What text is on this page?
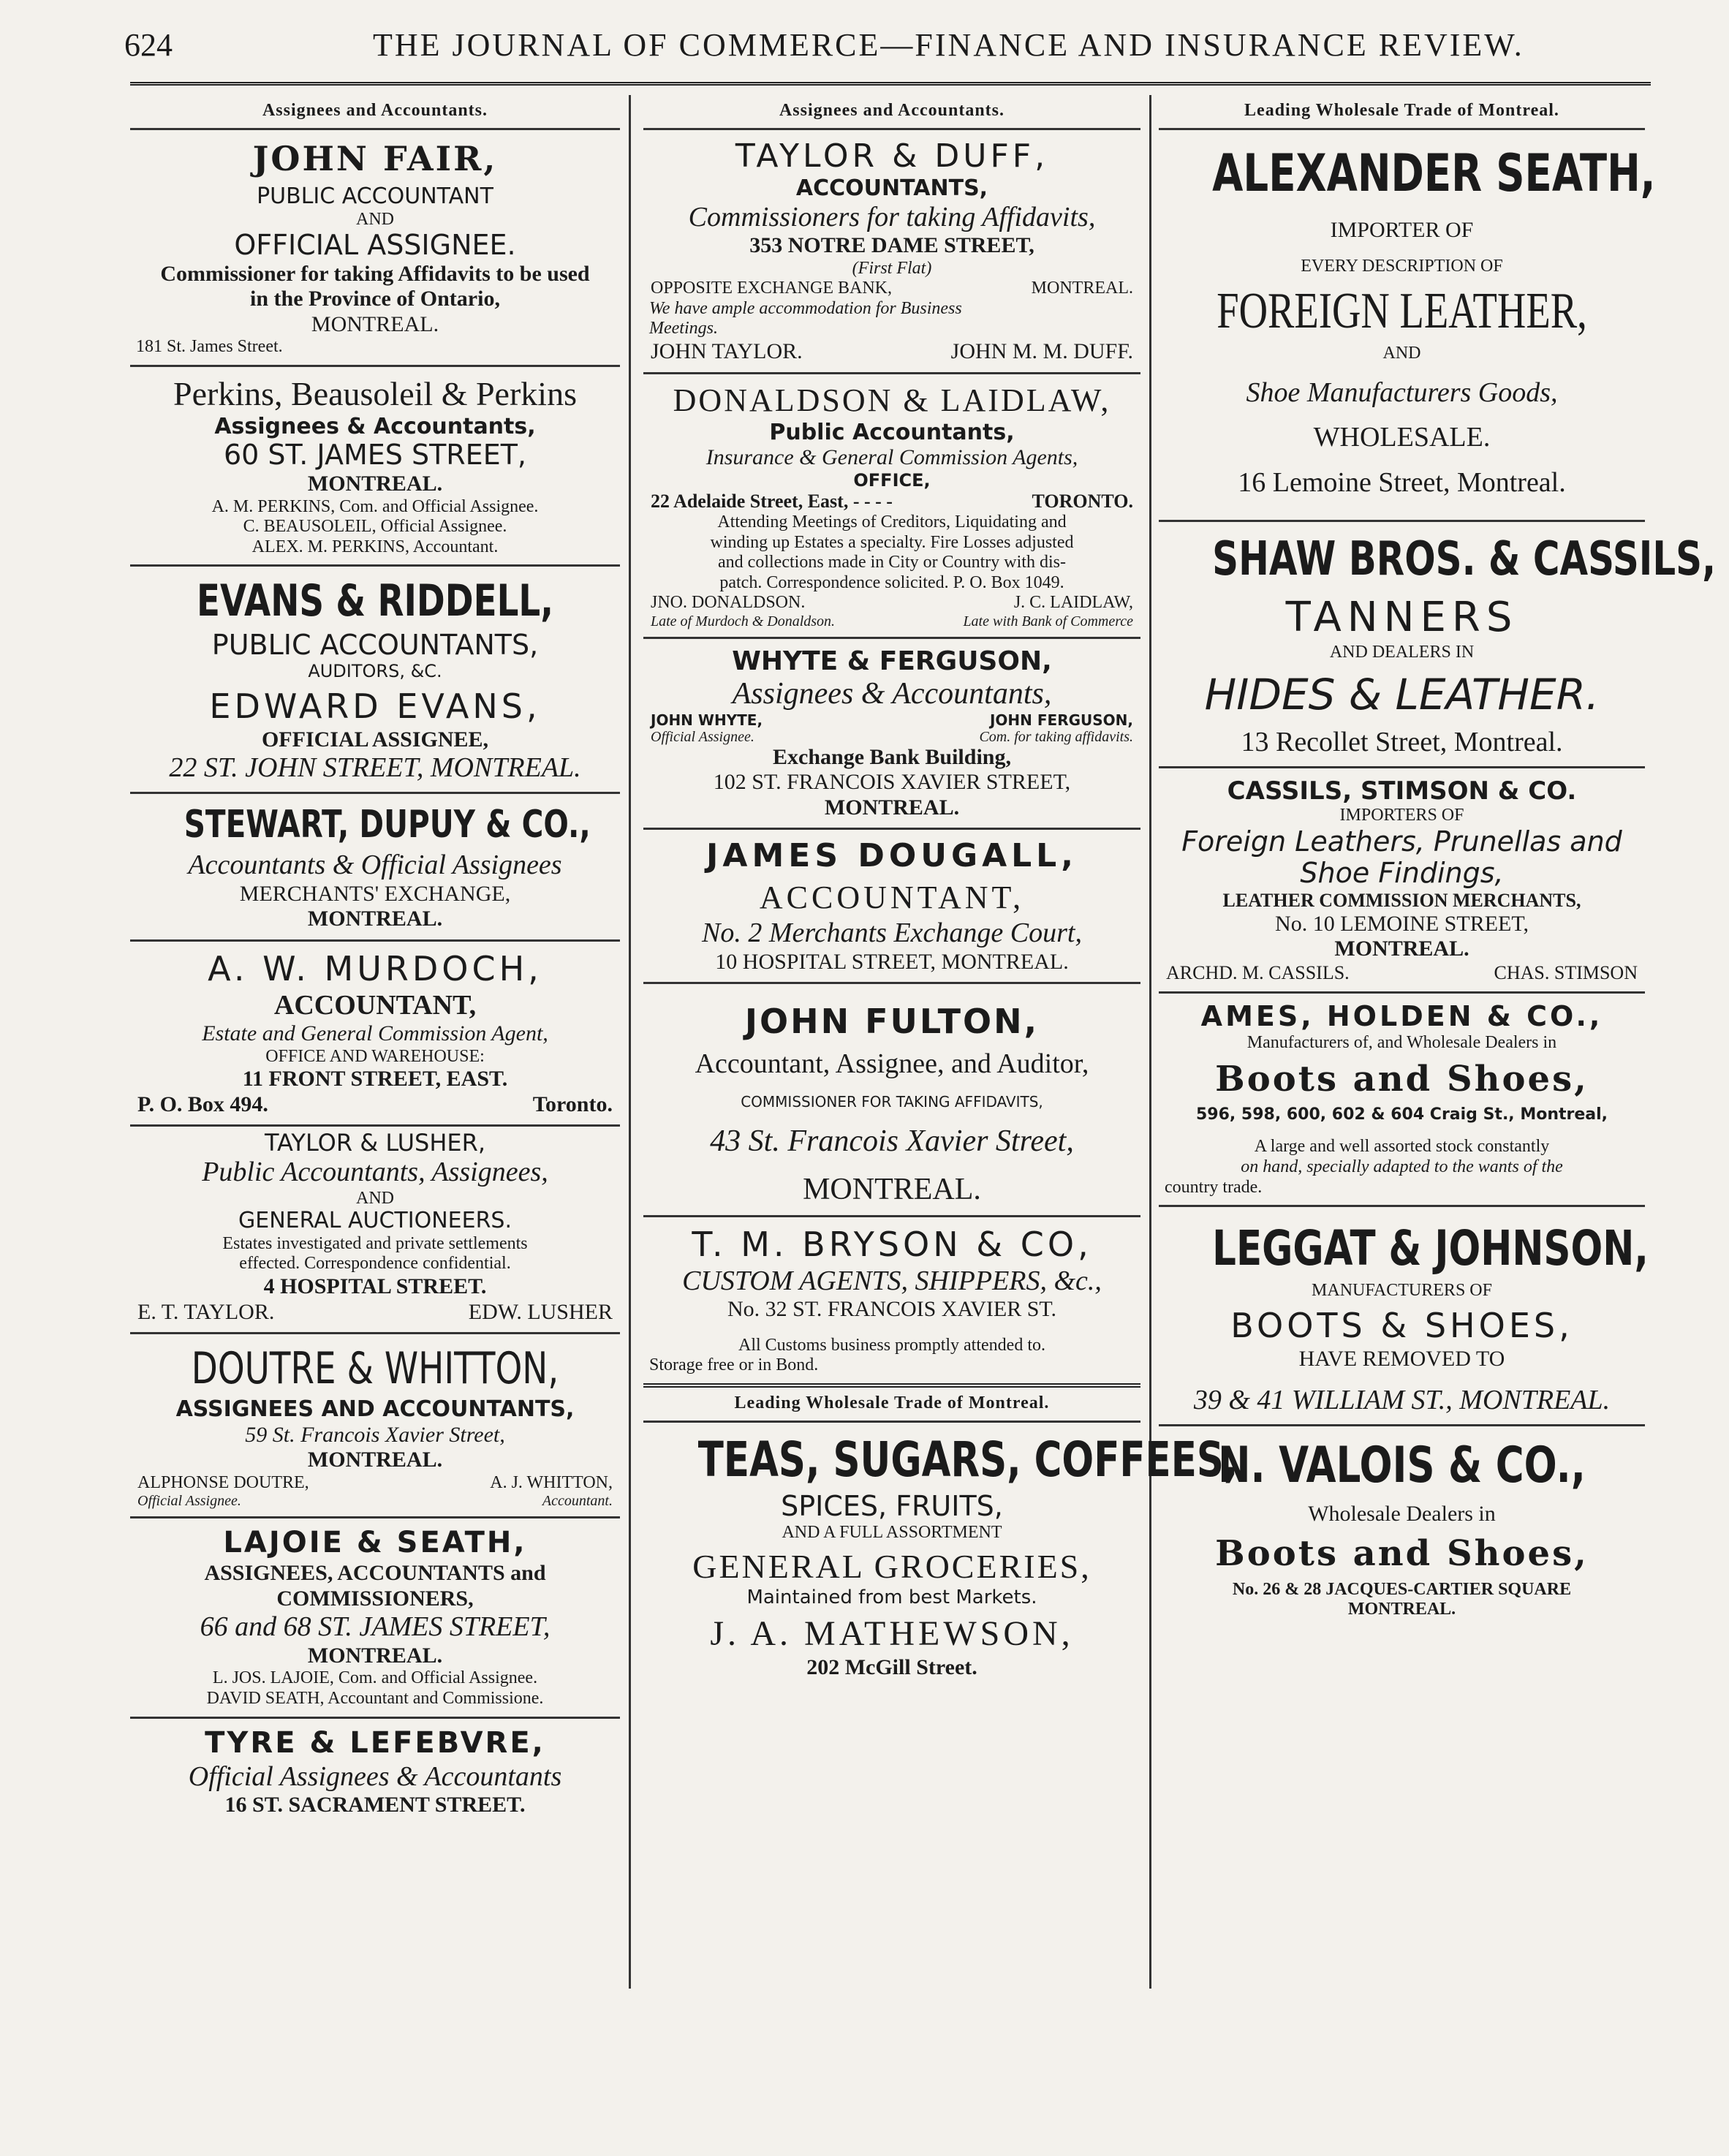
624	THE JOURNAL OF COMMERCE—FINANCE AND INSURANCE REVIEW.
Assignees and Accountants.
JOHN FAIR,
PUBLIC ACCOUNTANT
AND
OFFICIAL ASSIGNEE.
Commissioner for taking Affidavits to be used
in the Province of Ontario,
MONTREAL.
181 St. James Street.
Perkins, Beausoleil & Perkins
Assignees & Accountants,
60 ST. JAMES STREET,
MONTREAL.
A. M. PERKINS, Com. and Official Assignee.
C. BEAUSOLEIL, Official Assignee.
ALEX. M. PERKINS, Accountant.
EVANS & RIDDELL,
PUBLIC ACCOUNTANTS,
AUDITORS, &C.
EDWARD EVANS,
OFFICIAL ASSIGNEE,
22 ST. JOHN STREET, MONTREAL.
STEWART, DUPUY & CO.,
Accountants & Official Assignees
MERCHANTS' EXCHANGE,
MONTREAL.
A. W. MURDOCH,
ACCOUNTANT,
Estate and General Commission Agent,
OFFICE AND WAREHOUSE:
11 FRONT STREET, EAST.
P. O. Box 494.	Toronto.
TAYLOR & LUSHER,
Public Accountants, Assignees,
AND
GENERAL AUCTIONEERS.
Estates investigated and private settlements
effected. Correspondence confidential.
4 HOSPITAL STREET.
E. T. TAYLOR.	EDW. LUSHER
DOUTRE & WHITTON,
ASSIGNEES AND ACCOUNTANTS,
59 St. Francois Xavier Street,
MONTREAL.
ALPHONSE DOUTRE,	A. J. WHITTON,
Official Assignee.	Accountant.
LAJOIE & SEATH,
ASSIGNEES, ACCOUNTANTS and
COMMISSIONERS,
66 and 68 ST. JAMES STREET,
MONTREAL.
L. JOS. LAJOIE, Com. and Official Assignee.
DAVID SEATH, Accountant and Commissione.
TYRE & LEFEBVRE,
Official Assignees & Accountants
16 ST. SACRAMENT STREET.
Assignees and Accountants.
TAYLOR & DUFF,
ACCOUNTANTS,
Commissioners for taking Affidavits,
353 NOTRE DAME STREET,
(First Flat)
OPPOSITE EXCHANGE BANK,	MONTREAL.
We have ample accommodation for Business
Meetings.
JOHN TAYLOR.	JOHN M. M. DUFF.
DONALDSON & LAIDLAW,
Public Accountants,
Insurance & General Commission Agents,
OFFICE,
22 Adelaide Street, East, - - - -	TORONTO.
Attending Meetings of Creditors, Liquidating and
winding up Estates a specialty. Fire Losses adjusted
and collections made in City or Country with dis-
patch. Correspondence solicited. P. O. Box 1049.
JNO. DONALDSON.	J. C. LAIDLAW,
Late of Murdoch & Donaldson.	Late with Bank of Commerce
WHYTE & FERGUSON,
Assignees & Accountants,
JOHN WHYTE,	JOHN FERGUSON,
Official Assignee.	Com. for taking affidavits.
Exchange Bank Building,
102 ST. FRANCOIS XAVIER STREET,
MONTREAL.
JAMES DOUGALL,
ACCOUNTANT,
No. 2 Merchants Exchange Court,
10 HOSPITAL STREET, MONTREAL.
JOHN FULTON,
Accountant, Assignee, and Auditor,
COMMISSIONER FOR TAKING AFFIDAVITS,
43 St. Francois Xavier Street,
MONTREAL.
T. M. BRYSON & CO,
CUSTOM AGENTS, SHIPPERS, &c.,
No. 32 ST. FRANCOIS XAVIER ST.
All Customs business promptly attended to.
Storage free or in Bond.
Leading Wholesale Trade of Montreal.
TEAS, SUGARS, COFFEES,
SPICES, FRUITS,
AND A FULL ASSORTMENT
GENERAL GROCERIES,
Maintained from best Markets.
J. A. MATHEWSON,
202 McGill Street.
Leading Wholesale Trade of Montreal.
ALEXANDER SEATH,
IMPORTER OF
EVERY DESCRIPTION OF
FOREIGN LEATHER,
AND
Shoe Manufacturers Goods,
WHOLESALE.
16 Lemoine Street, Montreal.
SHAW BROS. & CASSILS,
TANNERS
AND DEALERS IN
HIDES & LEATHER.
13 Recollet Street, Montreal.
CASSILS, STIMSON & CO.
IMPORTERS OF
Foreign Leathers, Prunellas and
Shoe Findings,
LEATHER COMMISSION MERCHANTS,
No. 10 LEMOINE STREET,
MONTREAL.
ARCHD. M. CASSILS.	CHAS. STIMSON
AMES, HOLDEN & CO.,
Manufacturers of, and Wholesale Dealers in
Boots and Shoes,
596, 598, 600, 602 & 604 Craig St., Montreal,
A large and well assorted stock constantly
on hand, specially adapted to the wants of the
country trade.
LEGGAT & JOHNSON,
MANUFACTURERS OF
BOOTS & SHOES,
HAVE REMOVED TO
39 & 41 WILLIAM ST., MONTREAL.
N. VALOIS & CO.,
Wholesale Dealers in
Boots and Shoes,
No. 26 & 28 JACQUES-CARTIER SQUARE
MONTREAL.
